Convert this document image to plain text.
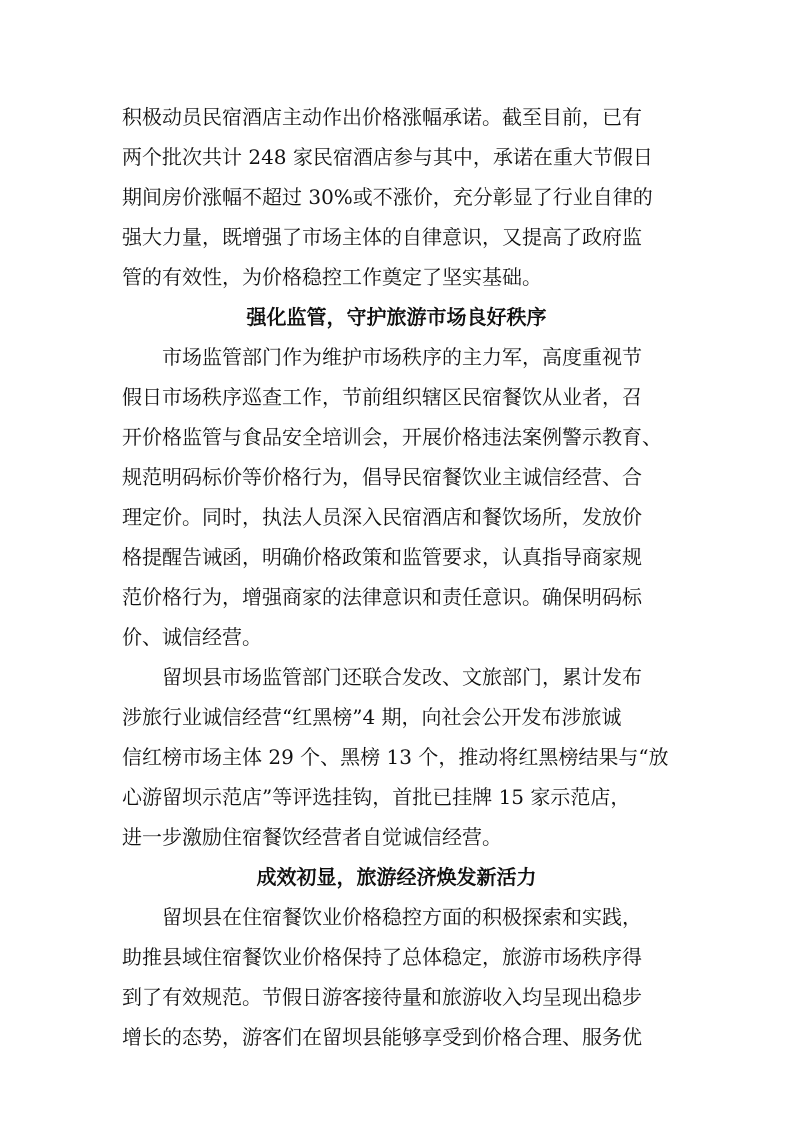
积极动员民宿酒店主动作出价格涨幅承诺。截至目前，已有
两个批次共计 248 家民宿酒店参与其中，承诺在重大节假日
期间房价涨幅不超过 30%或不涨价，充分彰显了行业自律的
强大力量，既增强了市场主体的自律意识，又提高了政府监
管的有效性，为价格稳控工作奠定了坚实基础。
强化监管，守护旅游市场良好秩序
市场监管部门作为维护市场秩序的主力军，高度重视节
假日市场秩序巡查工作，节前组织辖区民宿餐饮从业者，召
开价格监管与食品安全培训会，开展价格违法案例警示教育、
规范明码标价等价格行为，倡导民宿餐饮业主诚信经营、合
理定价。同时，执法人员深入民宿酒店和餐饮场所，发放价
格提醒告诫函，明确价格政策和监管要求，认真指导商家规
范价格行为，增强商家的法律意识和责任意识。确保明码标
价、诚信经营。
留坝县市场监管部门还联合发改、文旅部门，累计发布
涉旅行业诚信经营“红黑榜”4 期，向社会公开发布涉旅诚
信红榜市场主体 29 个、黑榜 13 个，推动将红黑榜结果与“放
心游留坝示范店”等评选挂钩，首批已挂牌 15 家示范店，
进一步激励住宿餐饮经营者自觉诚信经营。
成效初显，旅游经济焕发新活力
留坝县在住宿餐饮业价格稳控方面的积极探索和实践，
助推县域住宿餐饮业价格保持了总体稳定，旅游市场秩序得
到了有效规范。节假日游客接待量和旅游收入均呈现出稳步
增长的态势，游客们在留坝县能够享受到价格合理、服务优
